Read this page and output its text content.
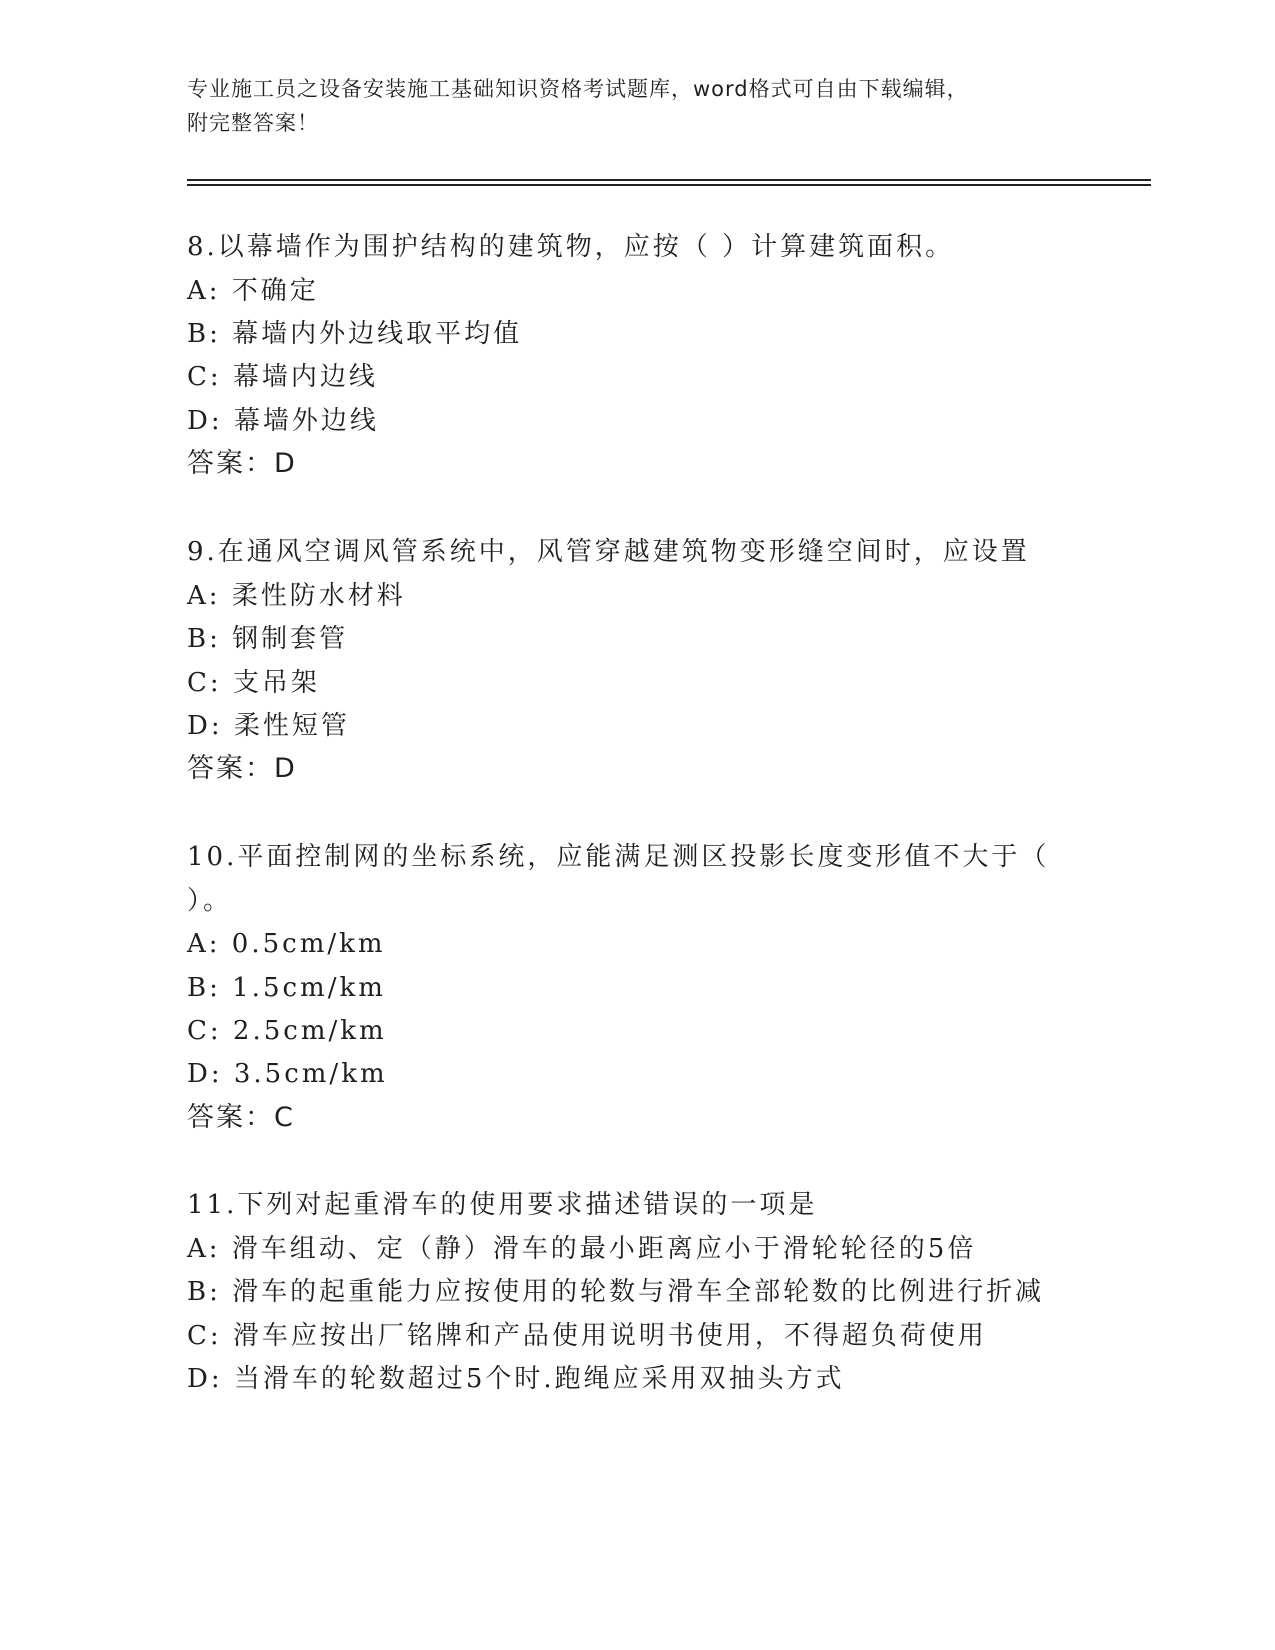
专业施工员之设备安装施工基础知识资格考试题库，word格式可自由下载编辑，
附完整答案！
8.以幕墙作为围护结构的建筑物，应按（ ）计算建筑面积。
A: 不确定
B: 幕墙内外边线取平均值
C: 幕墙内边线
D: 幕墙外边线
答案：D
9.在通风空调风管系统中，风管穿越建筑物变形缝空间时，应设置
A: 柔性防水材料
B: 钢制套管
C: 支吊架
D: 柔性短管
答案：D
10.平面控制网的坐标系统，应能满足测区投影长度变形值不大于（
）。
A: 0.5cm/km
B: 1.5cm/km
C: 2.5cm/km
D: 3.5cm/km
答案：C
11.下列对起重滑车的使用要求描述错误的一项是
A: 滑车组动、定（静）滑车的最小距离应小于滑轮轮径的5倍
B: 滑车的起重能力应按使用的轮数与滑车全部轮数的比例进行折减
C: 滑车应按出厂铭牌和产品使用说明书使用，不得超负荷使用
D: 当滑车的轮数超过5个时.跑绳应采用双抽头方式
